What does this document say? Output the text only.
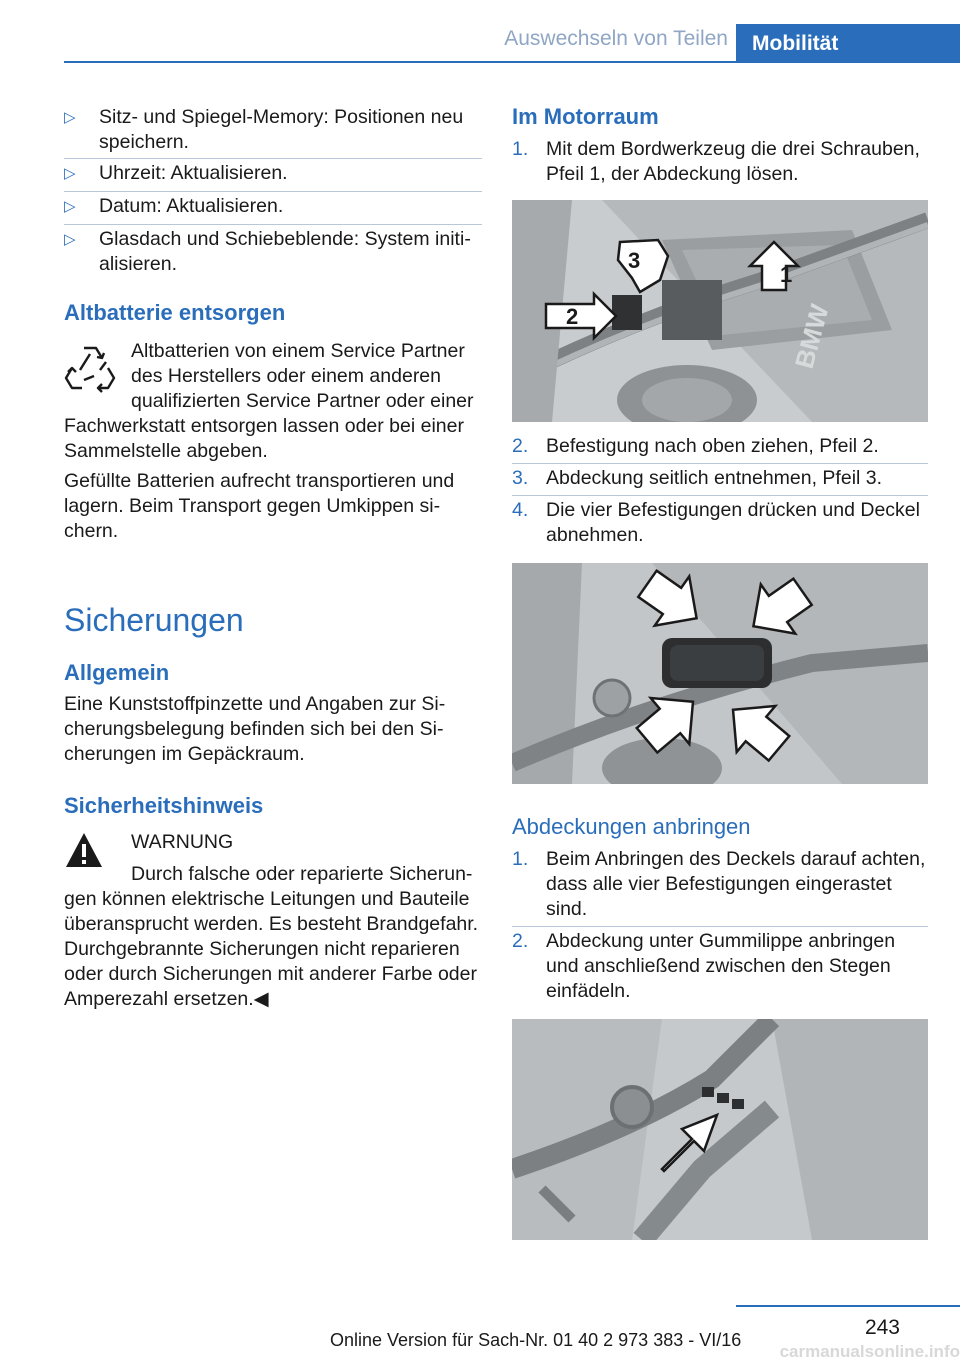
Auswechseln von Teilen	Mobilität
▷	Sitz- und Spiegel-Memory: Positionen neu speichern.
▷	Uhrzeit: Aktualisieren.
▷	Datum: Aktualisieren.
▷	Glasdach und Schiebeblende: System initialisieren.
Altbatterie entsorgen
Altbatterien von einem Service Partner
des Herstellers oder einem anderen
qualifizierten Service Partner oder einer
Fachwerkstatt entsorgen lassen oder bei einer Sammelstelle abgeben.
Gefüllte Batterien aufrecht transportieren und lagern. Beim Transport gegen Umkippen sichern.
Sicherungen
Allgemein
Eine Kunststoffpinzette und Angaben zur Sicherungsbelegung befinden sich bei den Sicherungen im Gepäckraum.
Sicherheitshinweis
WARNUNG
Durch falsche oder reparierte Sicherun-
gen können elektrische Leitungen und Bauteile überansprucht werden. Es besteht Brandgefahr. Durchgebrannte Sicherungen nicht reparieren oder durch Sicherungen mit anderer Farbe oder Amperezahl ersetzen.◀
Im Motorraum
1. Mit dem Bordwerkzeug die drei Schrauben, Pfeil 1, der Abdeckung lösen.
BMW
1
2
3
2. Befestigung nach oben ziehen, Pfeil 2.
3. Abdeckung seitlich entnehmen, Pfeil 3.
4. Die vier Befestigungen drücken und Deckel abnehmen.
Abdeckungen anbringen
1. Beim Anbringen des Deckels darauf achten, dass alle vier Befestigungen eingerastet sind.
2. Abdeckung unter Gummilippe anbringen und anschließend zwischen den Stegen einfädeln.
243
Online Version für Sach-Nr. 01 40 2 973 383 - VI/16
carmanualsonline.info
